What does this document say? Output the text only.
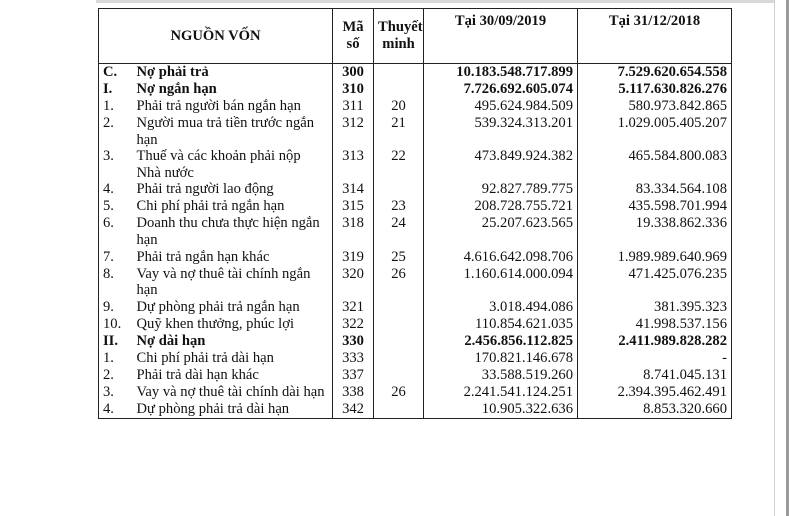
NGUỒN VỐN		Mã số	Thuyết minh	Tại 30/09/2019	Tại 31/12/2018
C.	Nợ phải trả	300		10.183.548.717.899	7.529.620.654.558
I.	Nợ ngắn hạn	310		7.726.692.605.074	5.117.630.826.276
1.	Phải trả người bán ngắn hạn	311	20	495.624.984.509	580.973.842.865
2.	Người mua trả tiền trước ngắn hạn	312	21	539.324.313.201	1.029.005.405.207
3.	Thuế và các khoản phải nộp Nhà nước	313	22	473.849.924.382	465.584.800.083
4.	Phải trả người lao động	314		92.827.789.775	83.334.564.108
5.	Chi phí phải trả ngắn hạn	315	23	208.728.755.721	435.598.701.994
6.	Doanh thu chưa thực hiện ngắn hạn	318	24	25.207.623.565	19.338.862.336
7.	Phải trả ngắn hạn khác	319	25	4.616.642.098.706	1.989.989.640.969
8.	Vay và nợ thuê tài chính ngắn hạn	320	26	1.160.614.000.094	471.425.076.235
9.	Dự phòng phải trả ngắn hạn	321		3.018.494.086	381.395.323
10.	Quỹ khen thưởng, phúc lợi	322		110.854.621.035	41.998.537.156
II.	Nợ dài hạn	330		2.456.856.112.825	2.411.989.828.282
1.	Chi phí phải trả dài hạn	333		170.821.146.678	-
2.	Phải trả dài hạn khác	337		33.588.519.260	8.741.045.131
3.	Vay và nợ thuê tài chính dài hạn	338	26	2.241.541.124.251	2.394.395.462.491
4.	Dự phòng phải trả dài hạn	342		10.905.322.636	8.853.320.660
